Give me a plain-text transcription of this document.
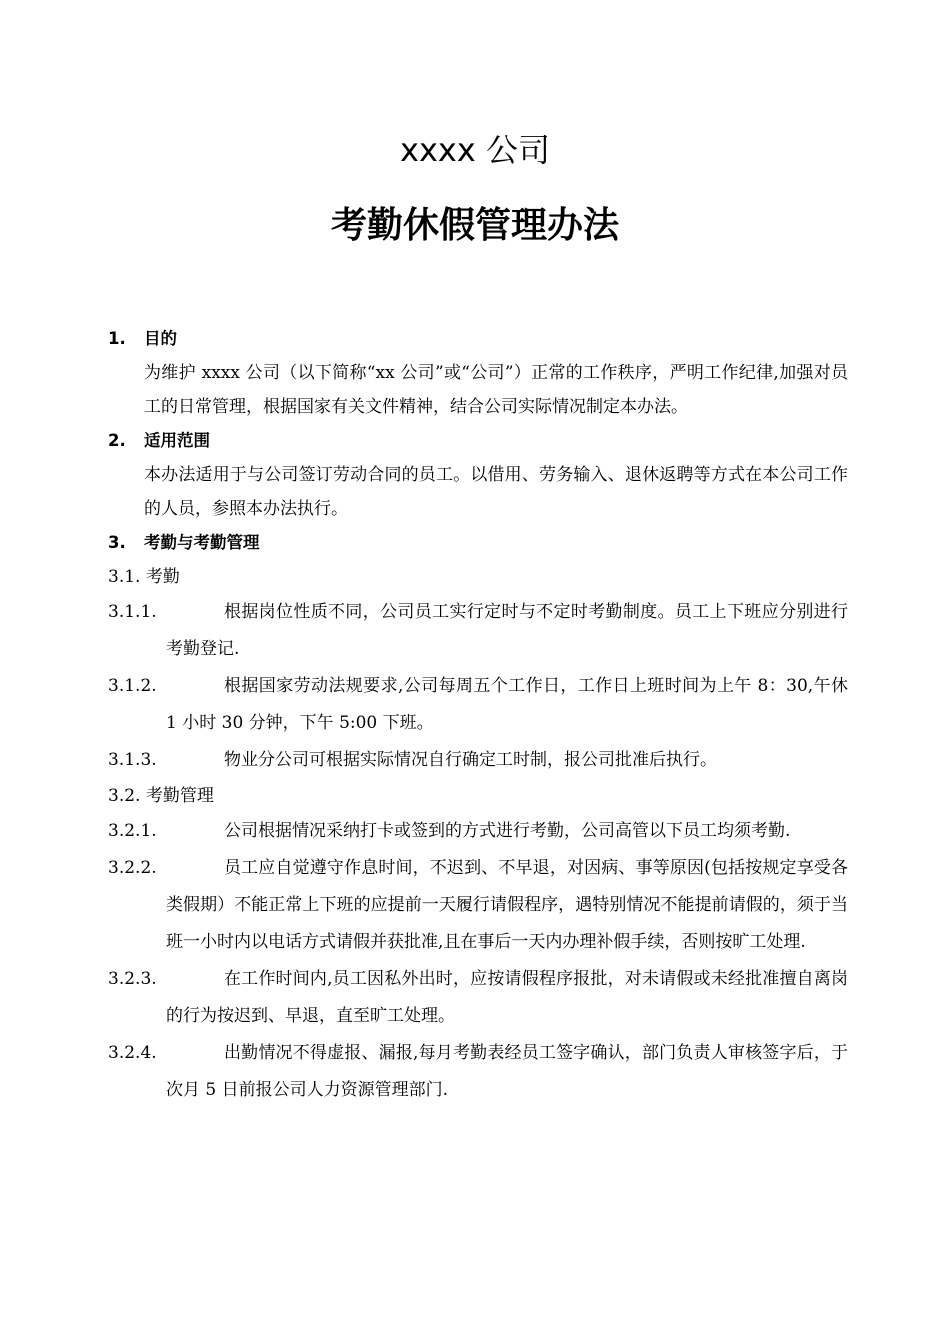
xxxx 公司
考勤休假管理办法
1.	目的
为维护 xxxx 公司（以下简称“xx 公司”或“公司”）正常的工作秩序，严明工作纪律,加强对员工的日常管理，根据国家有关文件精神，结合公司实际情况制定本办法。
2.	适用范围
本办法适用于与公司签订劳动合同的员工。以借用、劳务输入、退休返聘等方式在本公司工作的人员，参照本办法执行。
3.	考勤与考勤管理
3.1. 考勤
3.1.1.	根据岗位性质不同，公司员工实行定时与不定时考勤制度。员工上下班应分别进行考勤登记.
3.1.2.	根据国家劳动法规要求,公司每周五个工作日，工作日上班时间为上午 8：30,午休 1 小时 30 分钟，下午 5:00 下班。
3.1.3.	物业分公司可根据实际情况自行确定工时制，报公司批准后执行。
3.2. 考勤管理
3.2.1.	公司根据情况采纳打卡或签到的方式进行考勤，公司高管以下员工均须考勤.
3.2.2.	员工应自觉遵守作息时间，不迟到、不早退，对因病、事等原因(包括按规定享受各类假期）不能正常上下班的应提前一天履行请假程序，遇特别情况不能提前请假的，须于当班一小时内以电话方式请假并获批准,且在事后一天内办理补假手续，否则按旷工处理.
3.2.3.	在工作时间内,员工因私外出时，应按请假程序报批，对未请假或未经批准擅自离岗的行为按迟到、早退，直至旷工处理。
3.2.4.	出勤情况不得虚报、漏报,每月考勤表经员工签字确认，部门负责人审核签字后，于次月 5 日前报公司人力资源管理部门.
